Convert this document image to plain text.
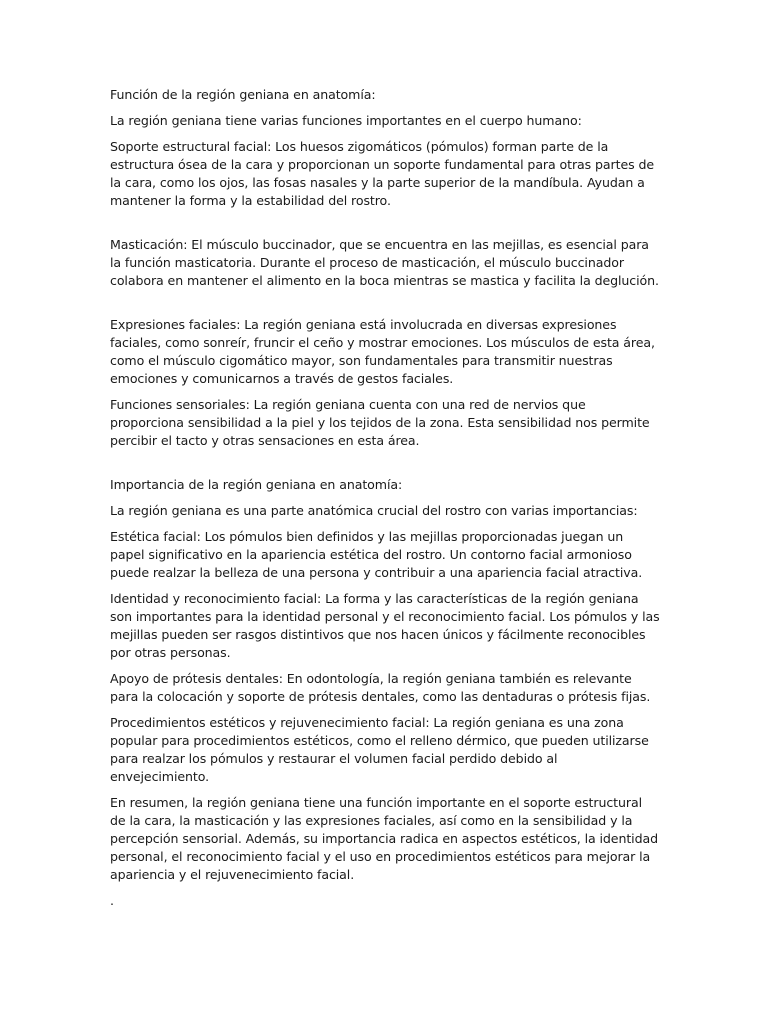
Función de la región geniana en anatomía:

La región geniana tiene varias funciones importantes en el cuerpo humano:

Soporte estructural facial: Los huesos zigomáticos (pómulos) forman parte de la estructura ósea de la cara y proporcionan un soporte fundamental para otras partes de la cara, como los ojos, las fosas nasales y la parte superior de la mandíbula. Ayudan a mantener la forma y la estabilidad del rostro.

Masticación: El músculo buccinador, que se encuentra en las mejillas, es esencial para la función masticatoria. Durante el proceso de masticación, el músculo buccinador colabora en mantener el alimento en la boca mientras se mastica y facilita la deglución.

Expresiones faciales: La región geniana está involucrada en diversas expresiones faciales, como sonreír, fruncir el ceño y mostrar emociones. Los músculos de esta área, como el músculo cigomático mayor, son fundamentales para transmitir nuestras emociones y comunicarnos a través de gestos faciales.

Funciones sensoriales: La región geniana cuenta con una red de nervios que proporciona sensibilidad a la piel y los tejidos de la zona. Esta sensibilidad nos permite percibir el tacto y otras sensaciones en esta área.

Importancia de la región geniana en anatomía:

La región geniana es una parte anatómica crucial del rostro con varias importancias:

Estética facial: Los pómulos bien definidos y las mejillas proporcionadas juegan un papel significativo en la apariencia estética del rostro. Un contorno facial armonioso puede realzar la belleza de una persona y contribuir a una apariencia facial atractiva.

Identidad y reconocimiento facial: La forma y las características de la región geniana son importantes para la identidad personal y el reconocimiento facial. Los pómulos y las mejillas pueden ser rasgos distintivos que nos hacen únicos y fácilmente reconocibles por otras personas.

Apoyo de prótesis dentales: En odontología, la región geniana también es relevante para la colocación y soporte de prótesis dentales, como las dentaduras o prótesis fijas.

Procedimientos estéticos y rejuvenecimiento facial: La región geniana es una zona popular para procedimientos estéticos, como el relleno dérmico, que pueden utilizarse para realzar los pómulos y restaurar el volumen facial perdido debido al envejecimiento.

En resumen, la región geniana tiene una función importante en el soporte estructural de la cara, la masticación y las expresiones faciales, así como en la sensibilidad y la percepción sensorial. Además, su importancia radica en aspectos estéticos, la identidad personal, el reconocimiento facial y el uso en procedimientos estéticos para mejorar la apariencia y el rejuvenecimiento facial.

.
